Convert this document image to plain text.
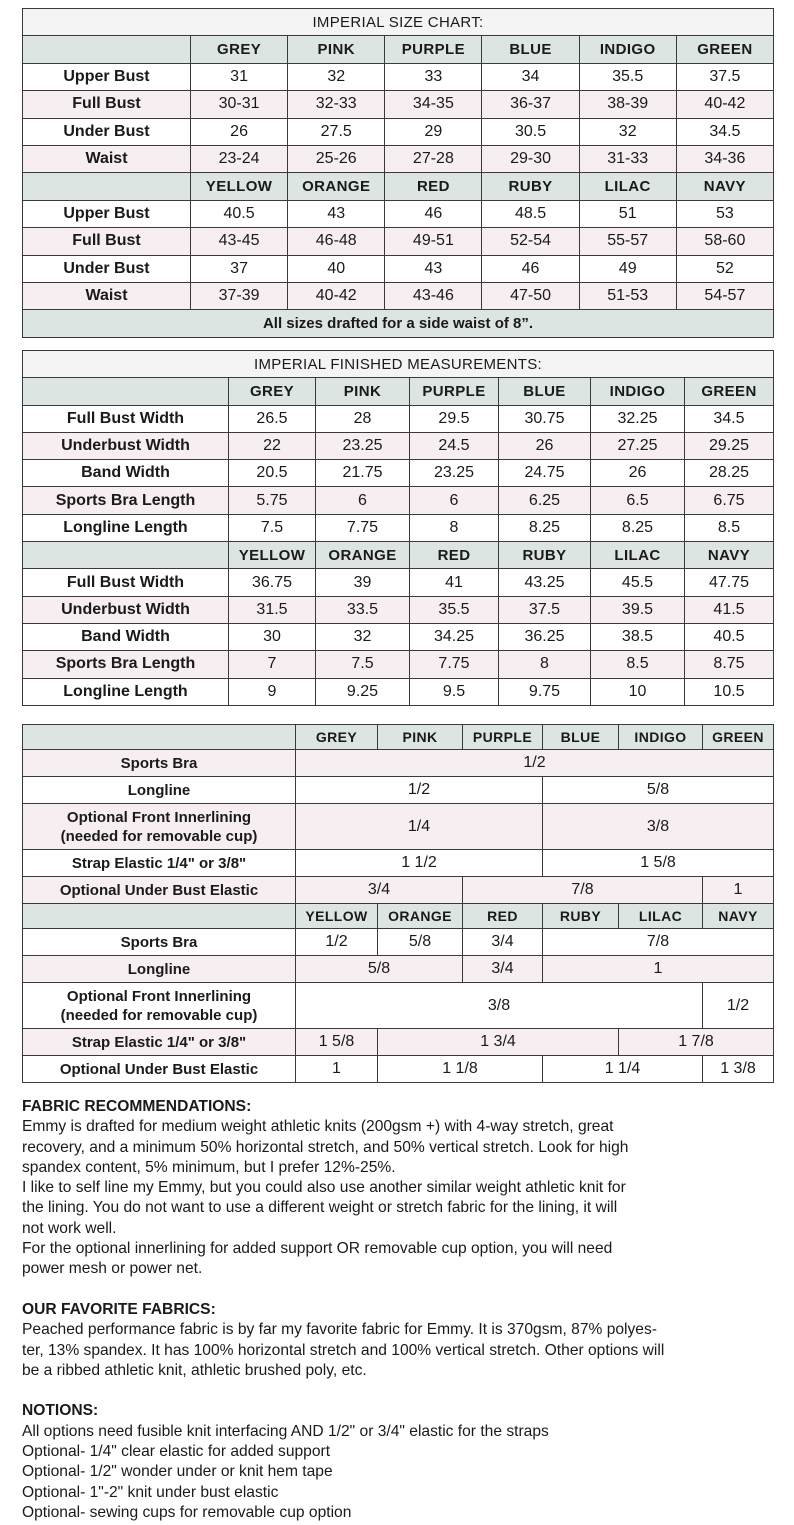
IMPERIAL SIZE CHART:						
	GREY	PINK	PURPLE	BLUE	INDIGO	GREEN
Upper Bust	31	32	33	34	35.5	37.5
Full Bust	30-31	32-33	34-35	36-37	38-39	40-42
Under Bust	26	27.5	29	30.5	32	34.5
Waist	23-24	25-26	27-28	29-30	31-33	34-36
	YELLOW	ORANGE	RED	RUBY	LILAC	NAVY
Upper Bust	40.5	43	46	48.5	51	53
Full Bust	43-45	46-48	49-51	52-54	55-57	58-60
Under Bust	37	40	43	46	49	52
Waist	37-39	40-42	43-46	47-50	51-53	54-57
All sizes drafted for a side waist of 8”.						
IMPERIAL FINISHED MEASUREMENTS:						
	GREY	PINK	PURPLE	BLUE	INDIGO	GREEN
Full Bust Width	26.5	28	29.5	30.75	32.25	34.5
Underbust Width	22	23.25	24.5	26	27.25	29.25
Band Width	20.5	21.75	23.25	24.75	26	28.25
Sports Bra Length	5.75	6	6	6.25	6.5	6.75
Longline Length	7.5	7.75	8	8.25	8.25	8.5
	YELLOW	ORANGE	RED	RUBY	LILAC	NAVY
Full Bust Width	36.75	39	41	43.25	45.5	47.75
Underbust Width	31.5	33.5	35.5	37.5	39.5	41.5
Band Width	30	32	34.25	36.25	38.5	40.5
Sports Bra Length	7	7.5	7.75	8	8.5	8.75
Longline Length	9	9.25	9.5	9.75	10	10.5
	GREY	PINK	PURPLE	BLUE	INDIGO	GREEN
Sports Bra	1/2					
Longline	1/2			5/8		
Optional Front Innerlining
(needed for removable cup)	1/4			3/8		
Strap Elastic 1/4" or 3/8"	1 1/2			1 5/8		
Optional Under Bust Elastic	3/4		7/8			1
	YELLOW	ORANGE	RED	RUBY	LILAC	NAVY
Sports Bra	1/2	5/8	3/4	7/8		
Longline	5/8		3/4	1		
Optional Front Innerlining
(needed for removable cup)	3/8					1/2
Strap Elastic 1/4" or 3/8"	1 5/8	1 3/4			1 7/8	
Optional Under Bust Elastic	1	1 1/8		1 1/4		1 3/8

FABRIC RECOMMENDATIONS:

Emmy is drafted for medium weight athletic knits (200gsm +) with 4-way stretch, great

recovery, and a minimum 50% horizontal stretch, and 50% vertical stretch. Look for high

spandex content, 5% minimum, but I prefer 12%-25%.

I like to self line my Emmy, but you could also use another similar weight athletic knit for

the lining. You do not want to use a different weight or stretch fabric for the lining, it will

not work well.

For the optional innerlining for added support OR removable cup option, you will need

power mesh or power net.

OUR FAVORITE FABRICS:

Peached performance fabric is by far my favorite fabric for Emmy. It is 370gsm, 87% polyes-

ter, 13% spandex. It has 100% horizontal stretch and 100% vertical stretch. Other options will

be a ribbed athletic knit, athletic brushed poly, etc.

NOTIONS:

All options need fusible knit interfacing AND 1/2" or 3/4" elastic for the straps

Optional- 1/4" clear elastic for added support

Optional- 1/2" wonder under or knit hem tape

Optional- 1"-2" knit under bust elastic

Optional- sewing cups for removable cup option
